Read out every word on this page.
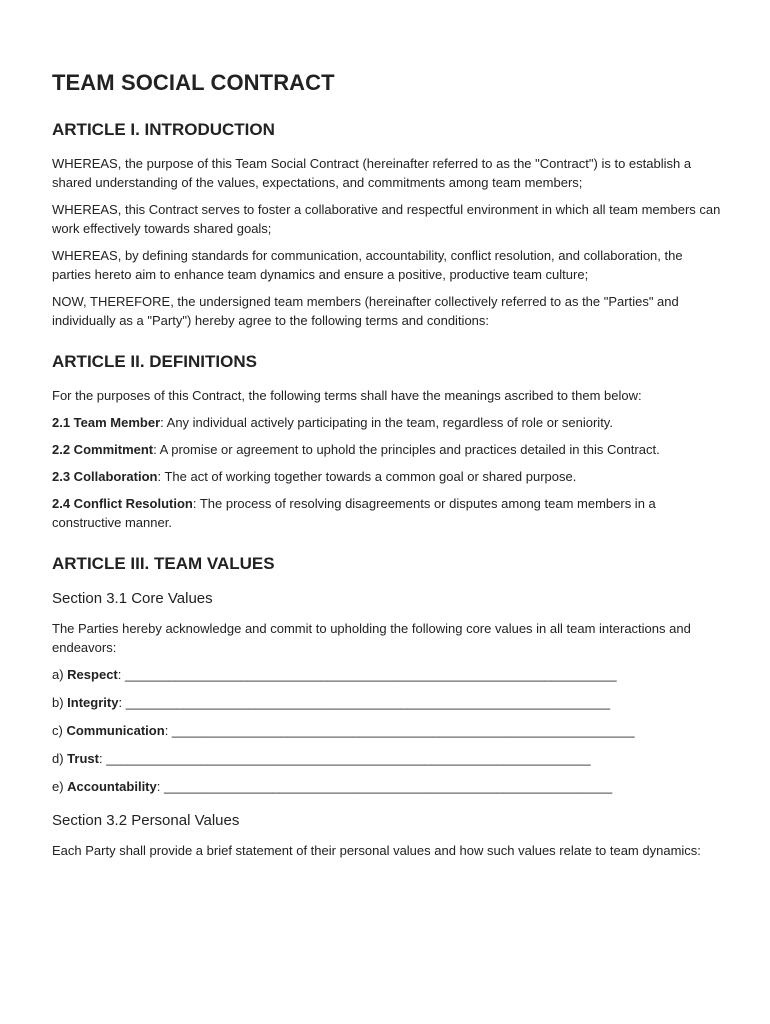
TEAM SOCIAL CONTRACT
ARTICLE I. INTRODUCTION

WHEREAS, the purpose of this Team Social Contract (hereinafter referred to as the "Contract") is to establish a shared understanding of the values, expectations, and commitments among team members;

WHEREAS, this Contract serves to foster a collaborative and respectful environment in which all team members can work effectively towards shared goals;

WHEREAS, by defining standards for communication, accountability, conflict resolution, and collaboration, the parties hereto aim to enhance team dynamics and ensure a positive, productive team culture;

NOW, THEREFORE, the undersigned team members (hereinafter collectively referred to as the "Parties" and individually as a "Party") hereby agree to the following terms and conditions:

ARTICLE II. DEFINITIONS

For the purposes of this Contract, the following terms shall have the meanings ascribed to them below:

2.1 Team Member: Any individual actively participating in the team, regardless of role or seniority.

2.2 Commitment: A promise or agreement to uphold the principles and practices detailed in this Contract.

2.3 Collaboration: The act of working together towards a common goal or shared purpose.

2.4 Conflict Resolution: The process of resolving disagreements or disputes among team members in a constructive manner.

ARTICLE III. TEAM VALUES
Section 3.1 Core Values

The Parties hereby acknowledge and commit to upholding the following core values in all team interactions and endeavors:

a) Respect: ____________________________________________________________________
b) Integrity: ___________________________________________________________________
c) Communication: ________________________________________________________________
d) Trust: ___________________________________________________________________
e) Accountability: ______________________________________________________________
Section 3.2 Personal Values

Each Party shall provide a brief statement of their personal values and how such values relate to team dynamics:
